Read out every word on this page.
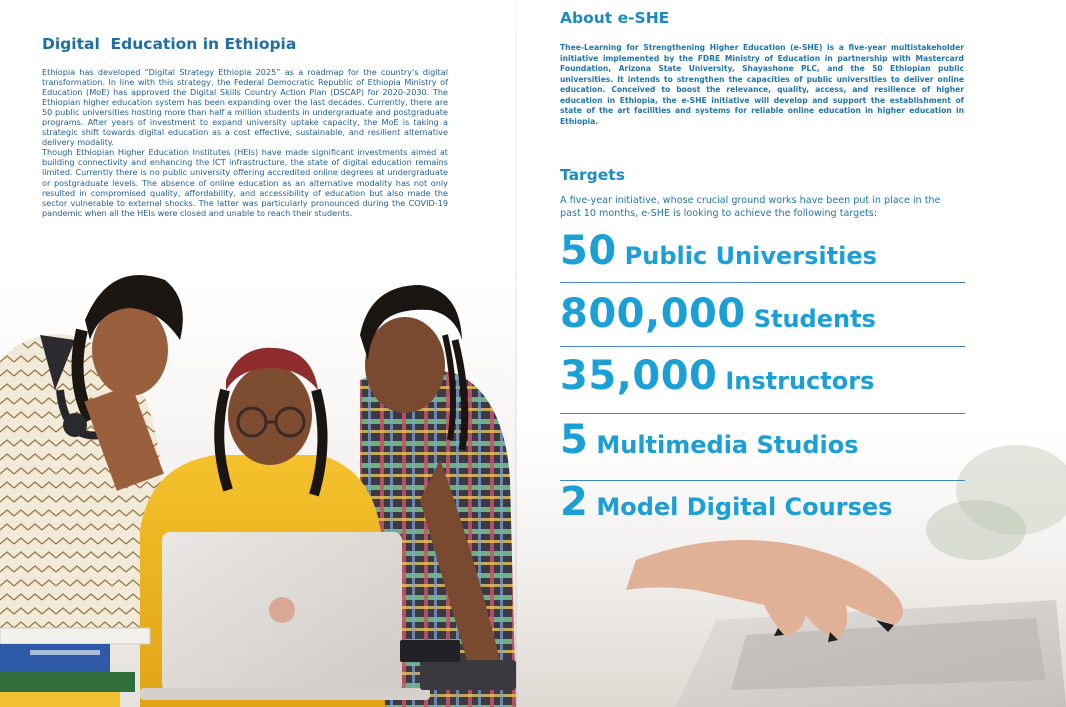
Digital  Education in Ethiopia

Ethiopia has developed “Digital Strategy Ethiopia 2025” as a roadmap for the country's digital transformation. In line with this strategy, the Federal Democratic Republic of Ethiopia Ministry of Education (MoE) has approved the Digital Skills Country Action Plan (DSCAP) for 2020-2030. The Ethiopian higher education system has been expanding over the last decades. Currently, there are 50 public universities hosting more than half a million students in undergraduate and postgraduate programs. After years of investment to expand university uptake capacity, the MoE is taking a strategic shift towards digital education as a cost effective, sustainable, and resilient alternative delivery modality.

Though Ethiopian Higher Education Institutes (HEIs) have made significant investments aimed at building connectivity and enhancing the ICT infrastructure, the state of digital education remains limited. Currently there is no public university offering accredited online degrees at undergraduate or postgraduate levels. The absence of online education as an alternative modality has not only resulted in compromised quality, affordability, and accessibility of education but also made the sector vulnerable to external shocks. The latter was particularly pronounced during the COVID-19 pandemic when all the HEIs were closed and unable to reach their students.

About e-SHE

Thee-Learning for Strengthening Higher Education (e-SHE) is a five-year multistakeholder initiative implemented by the FDRE Ministry of Education in partnership with Mastercard Foundation, Arizona State University, Shayashone PLC, and the 50 Ethiopian public universities. It intends to strengthen the capacities of public universities to deliver online education. Conceived to boost the relevance, quality, access, and resilience of higher education in Ethiopia, the e-SHE initiative will develop and support the establishment of state of the art facilities and systems for reliable online education in higher education in Ethiopia.

Targets

A five-year initiative, whose crucial ground works have been put in place in the past 10 months, e-SHE is looking to achieve the following targets:

50 Public Universities
800,000 Students
35,000 Instructors
5 Multimedia Studios
2 Model Digital Courses
